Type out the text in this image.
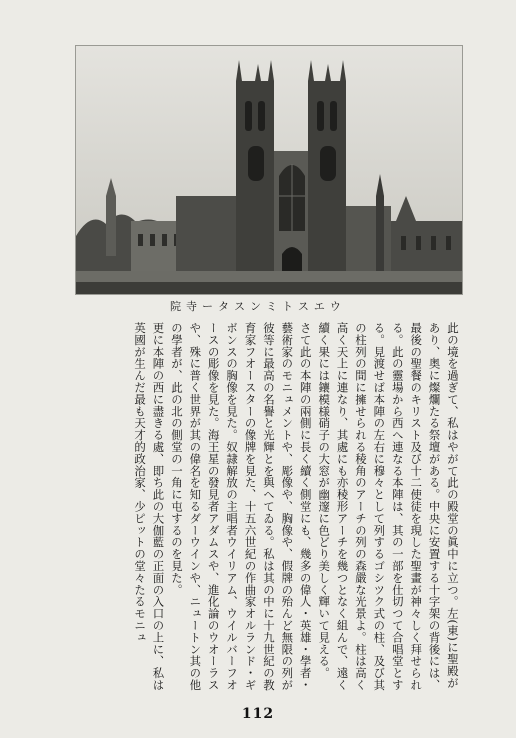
院寺ータスンミトスエウ

此の境を過ぎて、私はやがて此の殿堂の眞中に立つ。左(東)に聖殿があり、奥に燦爛たる祭壇がある。中央に安置する十字架の背後には、最後の聖餐のキリスト及び十二使徒を現した聖畫が神々しく拜せられる。此の靈場から西へ連なる本陣は、其の一部を仕切つて合唱堂とする。見渡せば本陣の左右に穆々として列するゴシツク式の柱、及び其の柱列の間に擁せられる稜角のアーチの列の森嚴な光景よ。柱は高く高く天上に連なり、其處にも亦稜形アーチを幾つとなく組んで、遠く續く果には鑲模様硝子の大窓が幽邃に色どり美しく輝いて見える。

さて此の本陣の兩側に長く續く側堂にも、幾多の偉人・英雄・學者・藝術家のモニュメントや、彫像や、胸像や、假牌の殆んど無限の列が彼等に最高の名譽と光輝とを與へてゐる。私は其の中に十九世紀の教育家フオースターの像牌を見た、十五六世紀の作曲家オルランド・ギボンスの胸像を見た。奴隷解放の主唱者ウイリアム、ウイルバーフオースの彫像を見た。海王星の發見者アダムスや、進化論のウオーラスや、殊に普く世界が其の偉名を知るダーウインや、ニュートン其の他の學者が、此の北の側堂の一角に屯するのを見た。

更に本陣の西に盡きる處、即ち此の大伽藍の正面の入口の上に、私は英國が生んだ最も天才的政治家、少ピットの堂々たるモニュ

112
